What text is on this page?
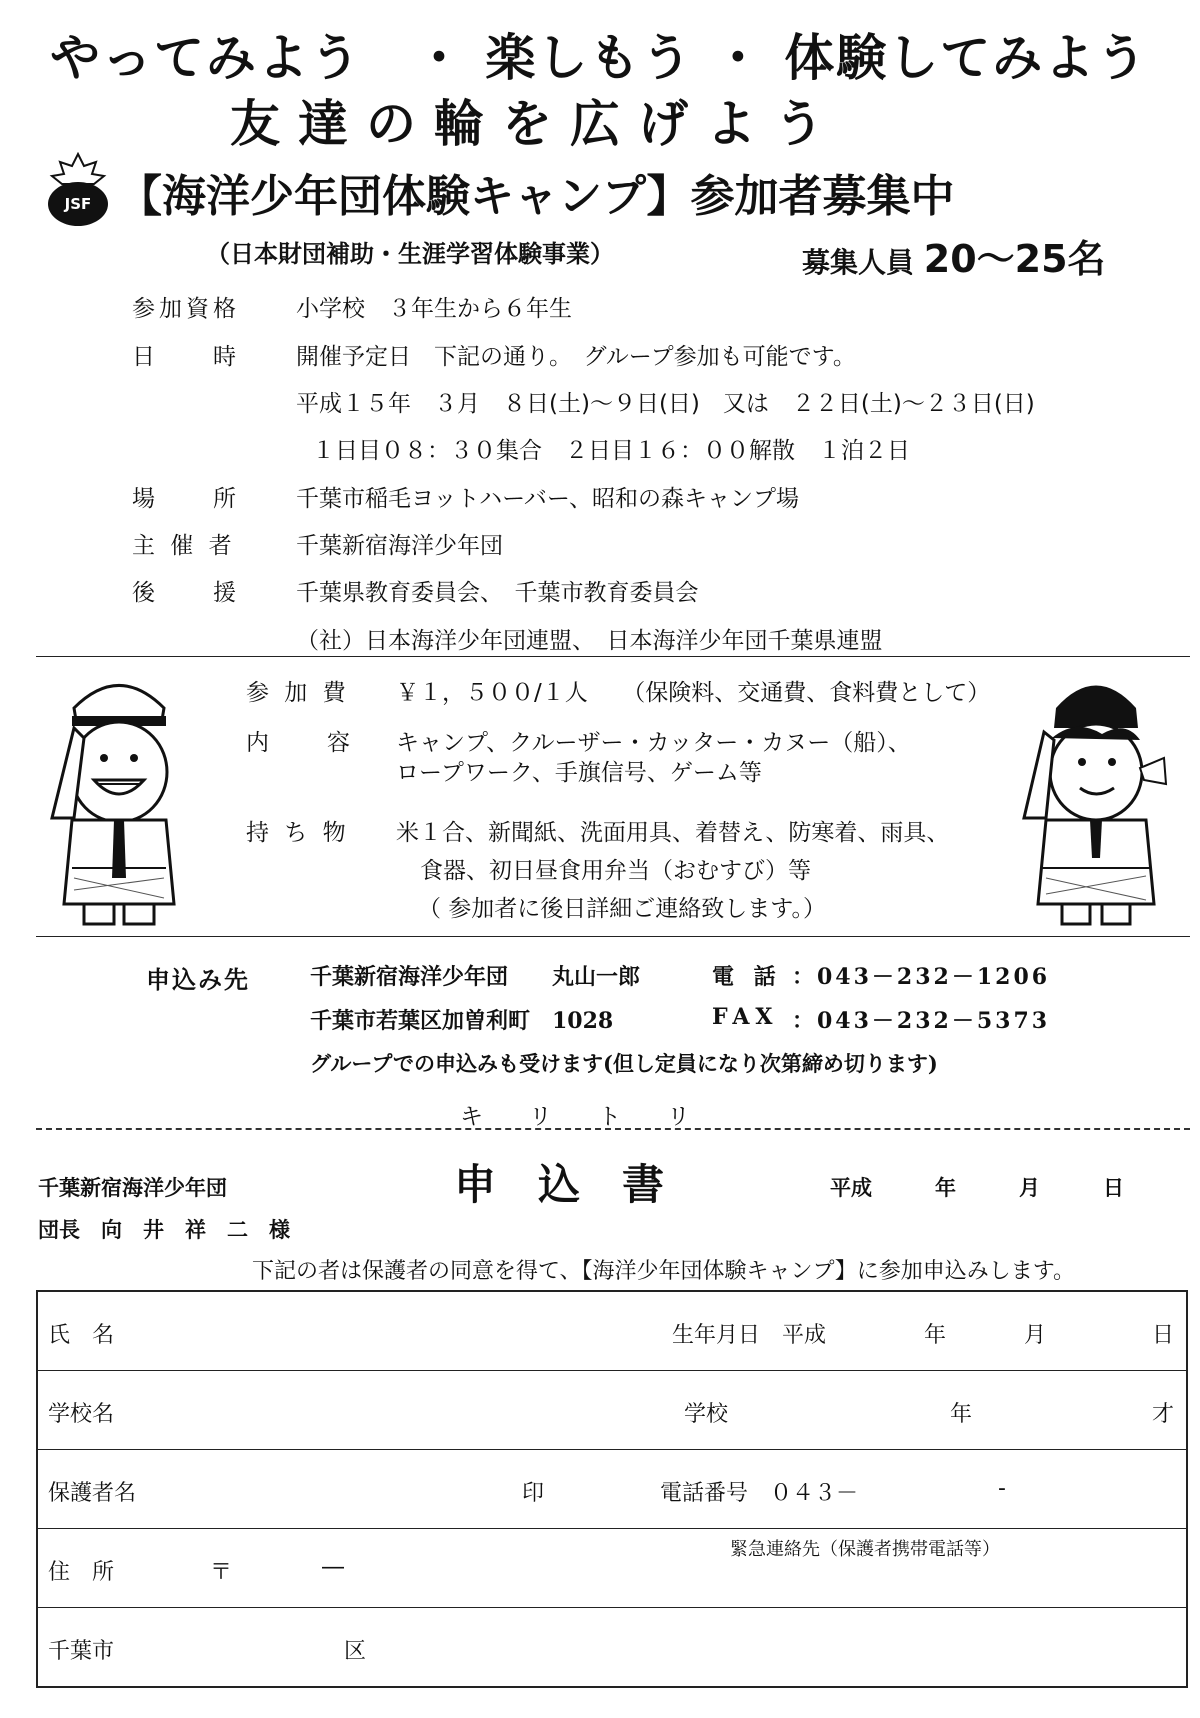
やってみよう　・ 楽しもう ・ 体験してみよう
友達の輪を広げよう
JSF 【海洋少年団体験キャンプ】参加者募集中
（日本財団補助・生涯学習体験事業）	募集人員 20～25名
参加資格 小学校　３年生から６年生
日　　時 開催予定日　下記の通り。　グループ参加も可能です。
平成１５年　３月　８日(土)～９日(日)　又は　２２日(土)～２３日(日)
１日目０８：３０集合　２日目１６：００解散　１泊２日
場　　所 千葉市稲毛ヨットハーバー、昭和の森キャンプ場
主 催 者	千葉新宿海洋少年団
後　　援 千葉県教育委員会、　千葉市教育委員会
（社）日本海洋少年団連盟、　日本海洋少年団千葉県連盟
参 加 費 ￥１，５００/１人　　（保険料、交通費、食料費として）
内　　容 キャンプ、クルーザー・カッター・カヌー（船）、
ロープワーク、手旗信号、ゲーム等
持 ち 物 米１合、新聞紙、洗面用具、着替え、防寒着、雨具、
食器、初日昼食用弁当（おむすび）等
（ 参加者に後日詳細ご連絡致します。）
申込み先	千葉新宿海洋少年団　　丸山一郎	電 話 ：043－232－1206
千葉市若葉区加曽利町　1028	FAX ：043－232－5373
グループでの申込みも受けます(但し定員になり次第締め切ります)
キ　　リ　　ト　　リ
千葉新宿海洋少年団	申　込　書	平成　　　年　　　月　　　日
団長　向　井　祥　二　様
下記の者は保護者の同意を得て、【海洋少年団体験キャンプ】に参加申込みします。
氏　名	生年月日　平成	年	月	日

学校名	学校	年	才

保護者名	印	電話番号　０４３－	-

緊急連絡先（保護者携帯電話等）
住　所	〒	―

千葉市	区
